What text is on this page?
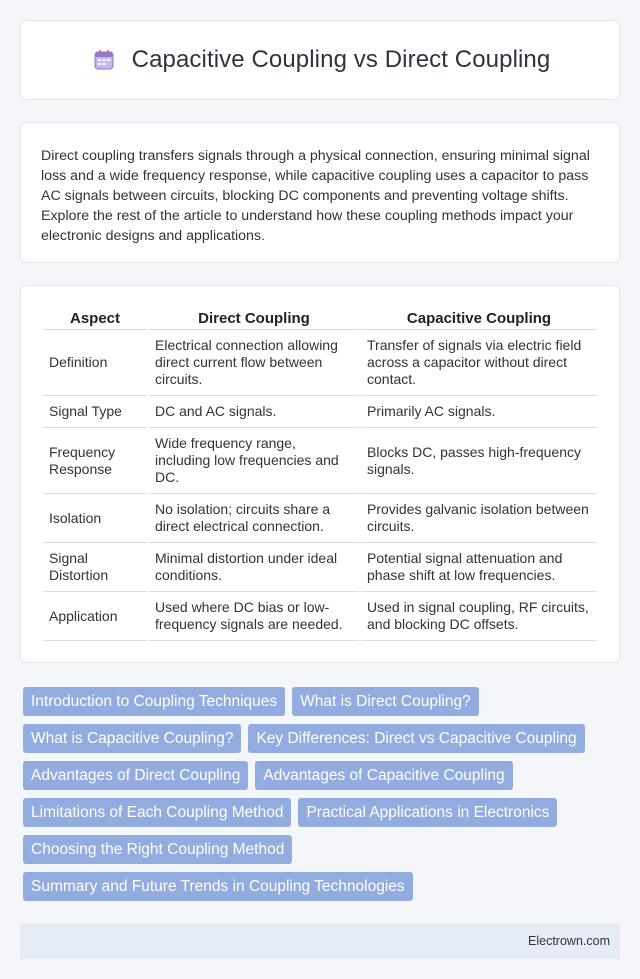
Capacitive Coupling vs Direct Coupling

Direct coupling transfers signals through a physical connection, ensuring minimal signal loss and a wide frequency response, while capacitive coupling uses a capacitor to pass AC signals between circuits, blocking DC components and preventing voltage shifts. Explore the rest of the article to understand how these coupling methods impact your electronic designs and applications.

Aspect	Direct Coupling	Capacitive Coupling
Definition	Electrical connection allowing direct current flow between circuits.	Transfer of signals via electric field across a capacitor without direct contact.
Signal Type	DC and AC signals.	Primarily AC signals.
Frequency Response	Wide frequency range, including low frequencies and DC.	Blocks DC, passes high-frequency signals.
Isolation	No isolation; circuits share a direct electrical connection.	Provides galvanic isolation between circuits.
Signal Distortion	Minimal distortion under ideal conditions.	Potential signal attenuation and phase shift at low frequencies.
Application	Used where DC bias or low-frequency signals are needed.	Used in signal coupling, RF circuits, and blocking DC offsets.
Introduction to Coupling Techniques	What is Direct Coupling?
What is Capacitive Coupling?	Key Differences: Direct vs Capacitive Coupling
Advantages of Direct Coupling	Advantages of Capacitive Coupling
Limitations of Each Coupling Method	Practical Applications in Electronics
Choosing the Right Coupling Method
Summary and Future Trends in Coupling Technologies
Electrown.com
